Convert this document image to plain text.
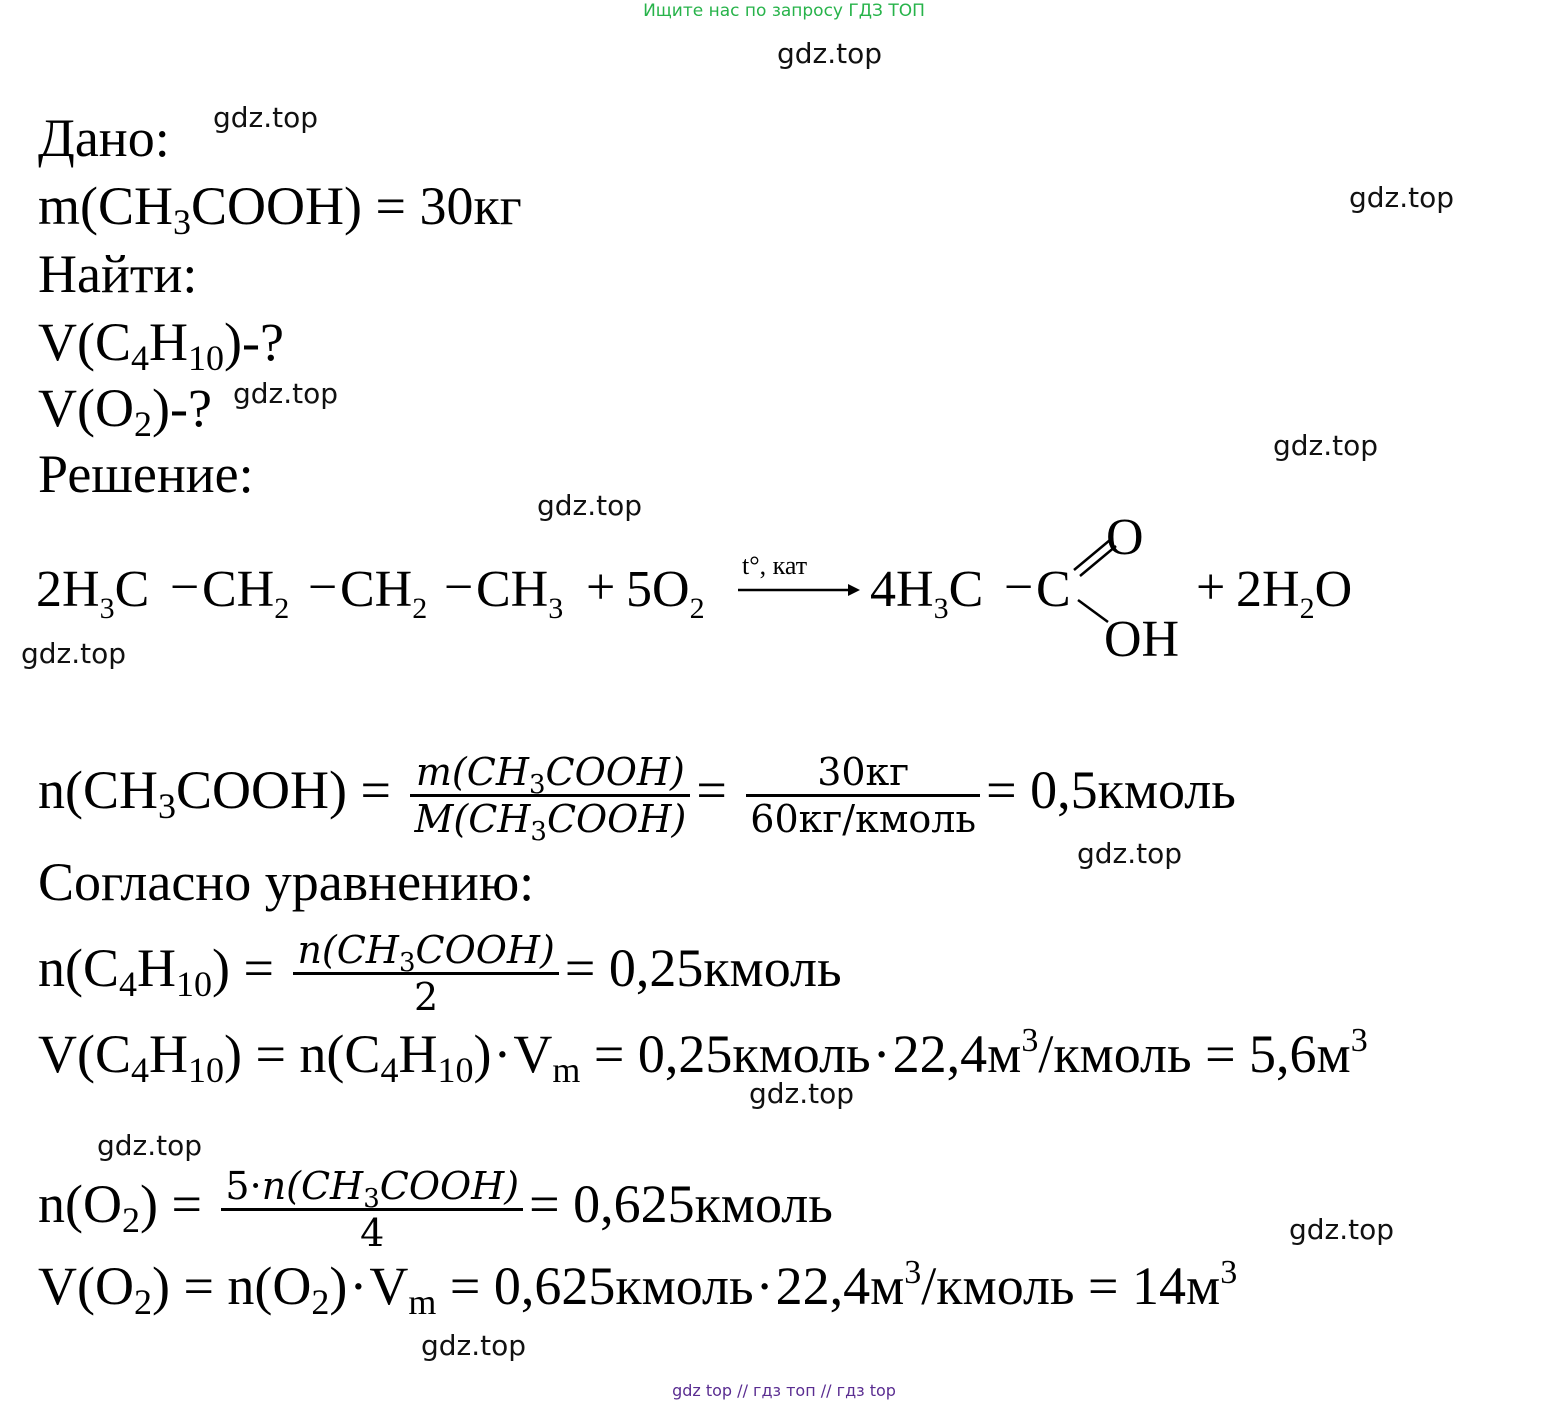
Ищите нас по запросу ГДЗ ТОП
gdz.top
gdz.top
gdz.top
gdz.top
gdz.top
gdz.top
gdz.top
gdz.top
gdz.top
gdz.top
gdz.top
gdz.top
Дано:
m(CH3COOH) = 30кг
Найти:
V(C4H10)-?
V(O2)-?
Решение:
$2H_3C - CH_2 - CH_2 - CH_3 + 5O_2$
t°, кат $4H_3C - C$
O
OH
+ $2H_2O$
n(CH3COOH) = $\frac{m(CH_3COOH)}{M(CH_3COOH)} = \frac{30кг}{\text{60кг/кмоль}}$ = 0,5кмоль
Согласно уравнению:
$n(C4H10) = \frac{n(CH_3COOH)}{2}$ = 0,25кмоль
$V(C4H10) = n(C4H10)\cdot Vm = 0,25кмоль\cdot 22,4м^3$/кмоль = $5,6м^3$
$n(O2) = \frac{5\cdot n(CH_3COOH)}{4}$ = 0,625кмоль
$V(O2) = n(O2)\cdot Vm = 0,625кмоль\cdot 22,4м^3$/кмоль = $14м^3$
gdz top // гдз топ // гдз top
